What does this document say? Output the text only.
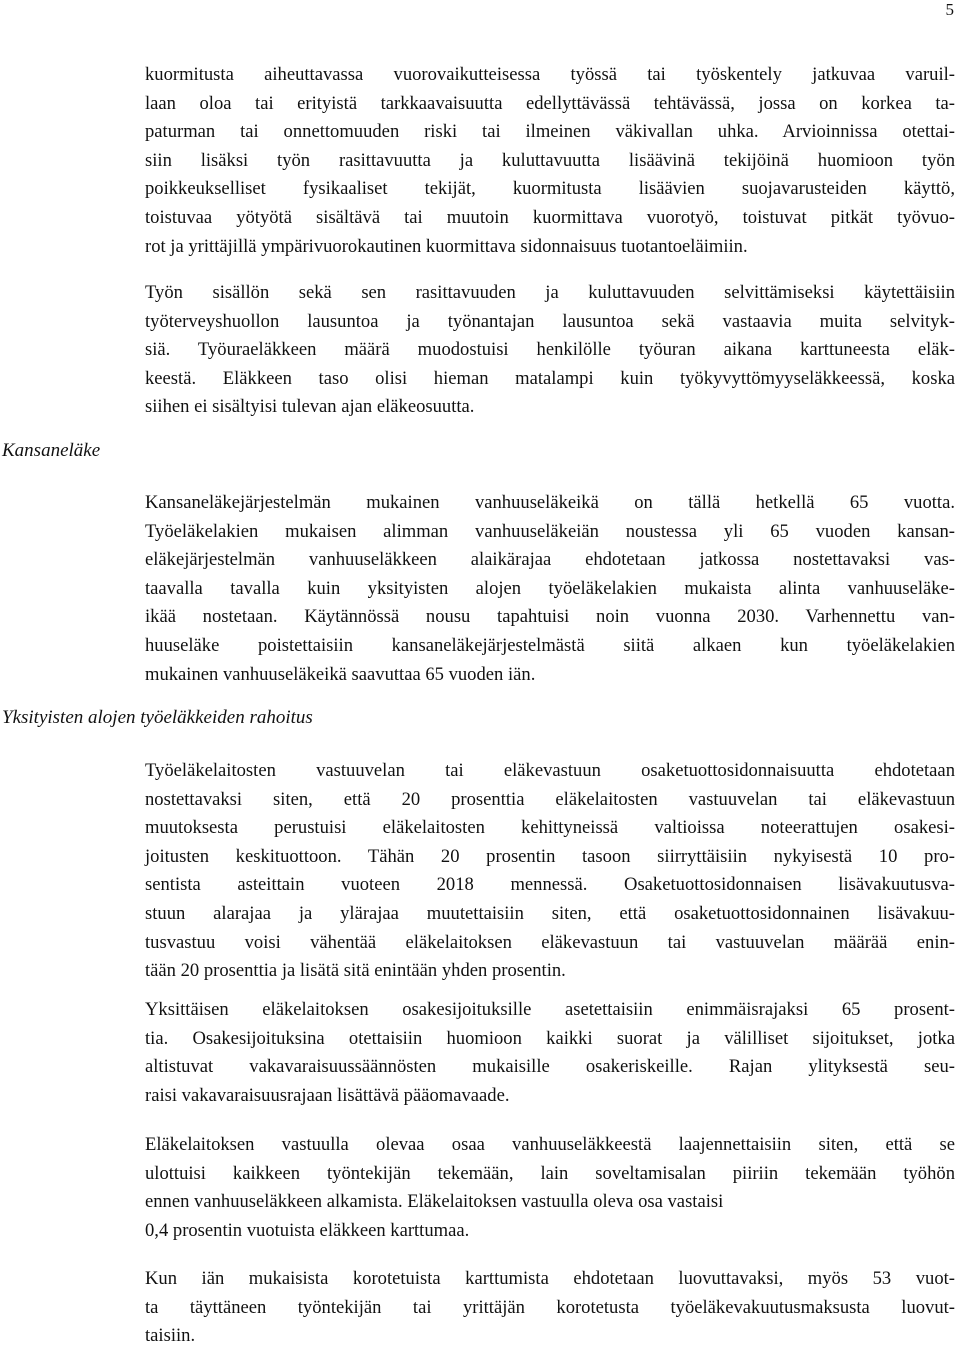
5
Kansaneläke
Yksityisten alojen työeläkkeiden rahoitus

kuormitusta aiheuttavassa vuorovaikutteisessa työssä tai työskentely jatkuvaa varuil-
laan oloa tai erityistä tarkkaavaisuutta edellyttävässä tehtävässä, jossa on korkea ta-
paturman tai onnettomuuden riski tai ilmeinen väkivallan uhka. Arvioinnissa otettai-
siin lisäksi työn rasittavuutta ja kuluttavuutta lisäävinä tekijöinä huomioon työn
poikkeukselliset fysikaaliset tekijät, kuormitusta lisäävien suojavarusteiden käyttö,
toistuvaa yötyötä sisältävä tai muutoin kuormittava vuorotyö, toistuvat pitkät työvuo-
rot ja yrittäjillä ympärivuorokautinen kuormittava sidonnaisuus tuotantoeläimiin.

Työn sisällön sekä sen rasittavuuden ja kuluttavuuden selvittämiseksi käytettäisiin
työterveyshuollon lausuntoa ja työnantajan lausuntoa sekä vastaavia muita selvityk-
siä. Työuraeläkkeen määrä muodostuisi henkilölle työuran aikana karttuneesta eläk-
keestä. Eläkkeen taso olisi hieman matalampi kuin työkyvyttömyyseläkkeessä, koska
siihen ei sisältyisi tulevan ajan eläkeosuutta.

Kansaneläkejärjestelmän mukainen vanhuuseläkeikä on tällä hetkellä 65 vuotta.
Työeläkelakien mukaisen alimman vanhuuseläkeiän noustessa yli 65 vuoden kansan-
eläkejärjestelmän vanhuuseläkkeen alaikärajaa ehdotetaan jatkossa nostettavaksi vas-
taavalla tavalla kuin yksityisten alojen työeläkelakien mukaista alinta vanhuuseläke-
ikää nostetaan. Käytännössä nousu tapahtuisi noin vuonna 2030. Varhennettu van-
huuseläke poistettaisiin kansaneläkejärjestelmästä siitä alkaen kun työeläkelakien
mukainen vanhuuseläkeikä saavuttaa 65 vuoden iän.

Työeläkelaitosten vastuuvelan tai eläkevastuun osaketuottosidonnaisuutta ehdotetaan
nostettavaksi siten, että 20 prosenttia eläkelaitosten vastuuvelan tai eläkevastuun
muutoksesta perustuisi eläkelaitosten kehittyneissä valtioissa noteerattujen osakesi-
joitusten keskituottoon. Tähän 20 prosentin tasoon siirryttäisiin nykyisestä 10 pro-
sentista asteittain vuoteen 2018 mennessä. Osaketuottosidonnaisen lisävakuutusva-
stuun alarajaa ja ylärajaa muutettaisiin siten, että osaketuottosidonnainen lisävakuu-
tusvastuu voisi vähentää eläkelaitoksen eläkevastuun tai vastuuvelan määrää enin-
tään 20 prosenttia ja lisätä sitä enintään yhden prosentin.

Yksittäisen eläkelaitoksen osakesijoituksille asetettaisiin enimmäisrajaksi 65 prosent-
tia. Osakesijoituksina otettaisiin huomioon kaikki suorat ja välilliset sijoitukset, jotka
altistuvat vakavaraisuussäännösten mukaisille osakeriskeille. Rajan ylityksestä seu-
raisi vakavaraisuusrajaan lisättävä pääomavaade.

Eläkelaitoksen vastuulla olevaa osaa vanhuuseläkkeestä laajennettaisiin siten, että se
ulottuisi kaikkeen työntekijän tekemään, lain soveltamisalan piiriin tekemään työhön
ennen vanhuuseläkkeen alkamista. Eläkelaitoksen vastuulla oleva osa vastaisi
0,4 prosentin vuotuista eläkkeen karttumaa.

Kun iän mukaisista korotetuista karttumista ehdotetaan luovuttavaksi, myös 53 vuot-
ta täyttäneen työntekijän tai yrittäjän korotetusta työeläkevakuutusmaksusta luovut-
taisiin.
